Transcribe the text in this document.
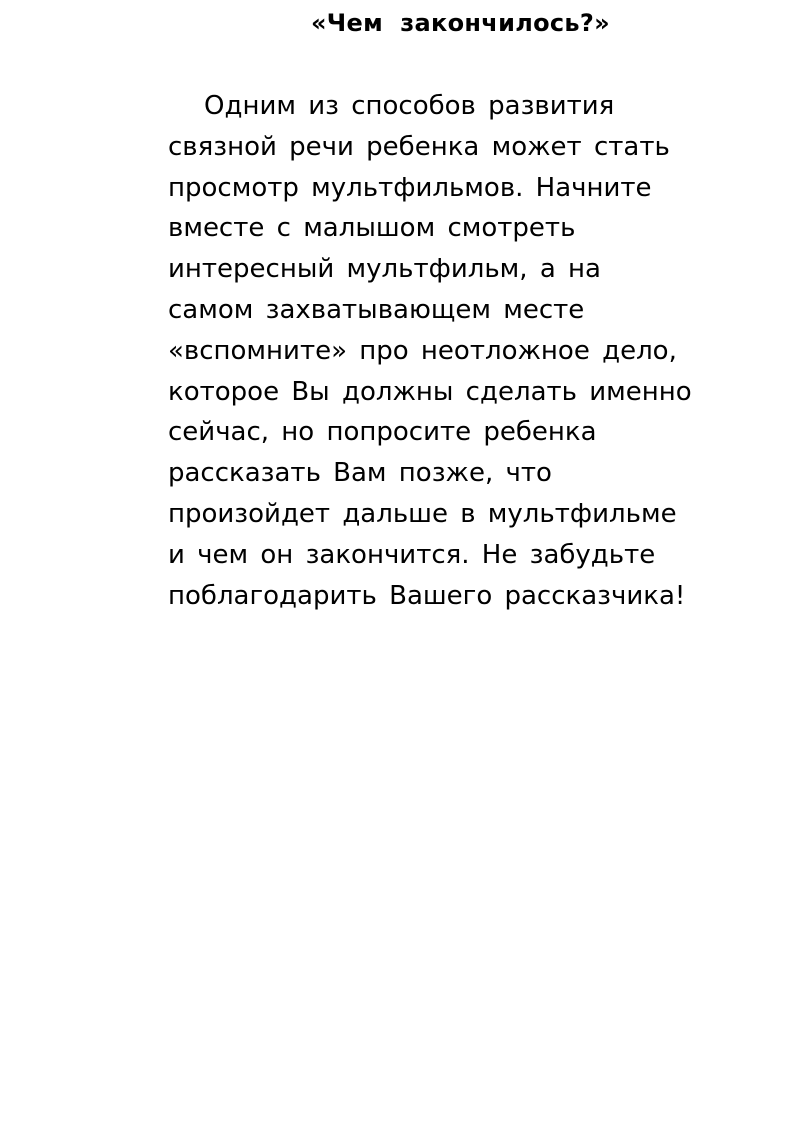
«Чем  закончилось?»
Одним из способов развития
связной речи ребенка может стать
просмотр мультфильмов. Начните
вместе с малышом смотреть
интересный мультфильм, а на
самом захватывающем месте
«вспомните» про неотложное дело,
которое Вы должны сделать именно
сейчас, но попросите ребенка
рассказать Вам позже, что
произойдет дальше в мультфильме
и чем он закончится. Не забудьте
поблагодарить Вашего рассказчика!
